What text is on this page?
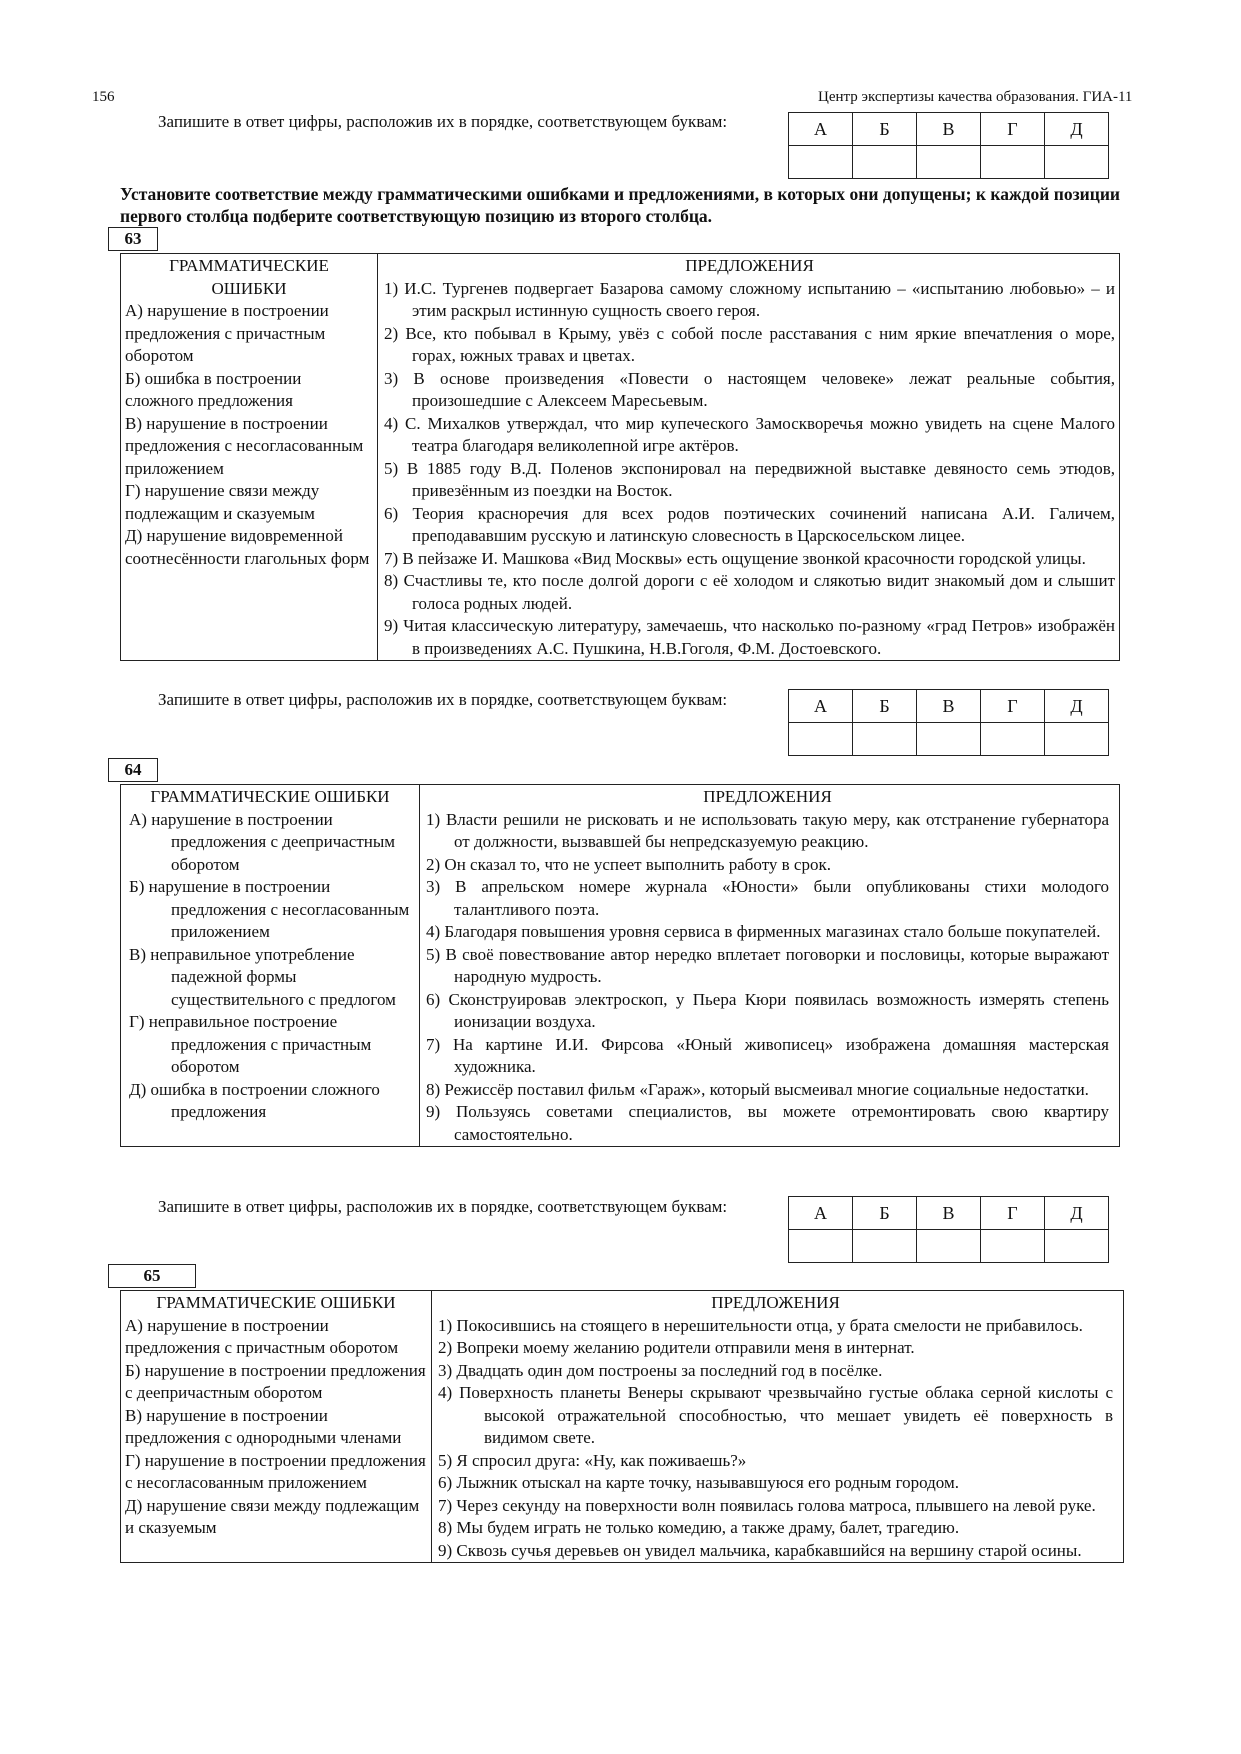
156	Центр экспертизы качества образования. ГИА-11
Запишите в ответ цифры, расположив их в порядке, соответствующем буквам:	А	Б	В	Г	Д

Установите соответствие между грамматическими ошибками и предложениями, в которых они допущены; к каждой позиции первого столбца подберите соответствующую позицию из второго столбца.
63
ГРАММАТИЧЕСКИЕ ОШИБКИ
А) нарушение в построении предложения с причастным оборотом
Б) ошибка в построении сложного предложения
В) нарушение в построении предложения с несогласованным приложением
Г) нарушение связи между подлежащим и сказуемым
Д) нарушение видовременной соотнесённости глагольных форм

ПРЕДЛОЖЕНИЯ
1) И.С. Тургенев подвергает Базарова самому сложному испытанию – «испытанию любовью» – и этим раскрыл истинную сущность своего героя.
2) Все, кто побывал в Крыму, увёз с собой после расставания с ним яркие впечатления о море, горах, южных травах и цветах.
3) В основе произведения «Повести о настоящем человеке» лежат реальные события, произошедшие с Алексеем Маресьевым.
4) С. Михалков утверждал, что мир купеческого Замоскворечья можно увидеть на сцене Малого театра благодаря великолепной игре актёров.
5) В 1885 году В.Д. Поленов экспонировал на передвижной выставке девяносто семь этюдов, привезённым из поездки на Восток.
6) Теория красноречия для всех родов поэтических сочинений написана А.И. Галичем, преподававшим русскую и латинскую словесность в Царскосельском лицее.
7) В пейзаже И. Машкова «Вид Москвы» есть ощущение звонкой красочности городской улицы.
8) Счастливы те, кто после долгой дороги с её холодом и слякотью видит знакомый дом и слышит голоса родных людей.
9) Читая классическую литературу, замечаешь, что насколько по-разному «град Петров» изображён в произведениях А.С. Пушкина, Н.В.Гоголя, Ф.М. Достоевского.
Запишите в ответ цифры, расположив их в порядке, соответствующем буквам:	А	Б	В	Г	Д

64
ГРАММАТИЧЕСКИЕ ОШИБКИ
А) нарушение в построении предложения с деепричастным оборотом
Б) нарушение в построении предложения с несогласованным приложением
В) неправильное употребление падежной формы существительного с предлогом
Г) неправильное построение предложения с причастным оборотом
Д) ошибка в построении сложного предложения

ПРЕДЛОЖЕНИЯ
1) Власти решили не рисковать и не использовать такую меру, как отстранение губернатора от должности, вызвавшей бы непредсказуемую реакцию.
2) Он сказал то, что не успеет выполнить работу в срок.
3) В апрельском номере журнала «Юности» были опубликованы стихи молодого талантливого поэта.
4) Благодаря повышения уровня сервиса в фирменных магазинах стало больше покупателей.
5) В своё повествование автор нередко вплетает поговорки и пословицы, которые выражают народную мудрость.
6) Сконструировав электроскоп, у Пьера Кюри появилась возможность измерять степень ионизации воздуха.
7) На картине И.И. Фирсова «Юный живописец» изображена домашняя мастерская художника.
8) Режиссёр поставил фильм «Гараж», который высмеивал многие социальные недостатки.
9) Пользуясь советами специалистов, вы можете отремонтировать свою квартиру самостоятельно.
Запишите в ответ цифры, расположив их в порядке, соответствующем буквам:	А	Б	В	Г	Д

65
ГРАММАТИЧЕСКИЕ ОШИБКИ
А) нарушение в построении предложения с причастным оборотом
Б) нарушение в построении предложения с деепричастным оборотом
В) нарушение в построении предложения с однородными членами
Г) нарушение в построении предложения с несогласованным приложением
Д) нарушение связи между подлежащим и сказуемым

ПРЕДЛОЖЕНИЯ
1) Покосившись на стоящего в нерешительности отца, у брата смелости не прибавилось.
2) Вопреки моему желанию родители отправили меня в интернат.
3) Двадцать один дом построены за последний год в посёлке.
4) Поверхность планеты Венеры скрывают чрезвычайно густые облака серной кислоты с высокой отражательной способностью, что мешает увидеть её поверхность в видимом свете.
5) Я спросил друга: «Ну, как поживаешь?»
6) Лыжник отыскал на карте точку, называвшуюся его родным городом.
7) Через секунду на поверхности волн появилась голова матроса, плывшего на левой руке.
8) Мы будем играть не только комедию, а также драму, балет, трагедию.
9) Сквозь сучья деревьев он увидел мальчика, карабкавшийся на вершину старой осины.
